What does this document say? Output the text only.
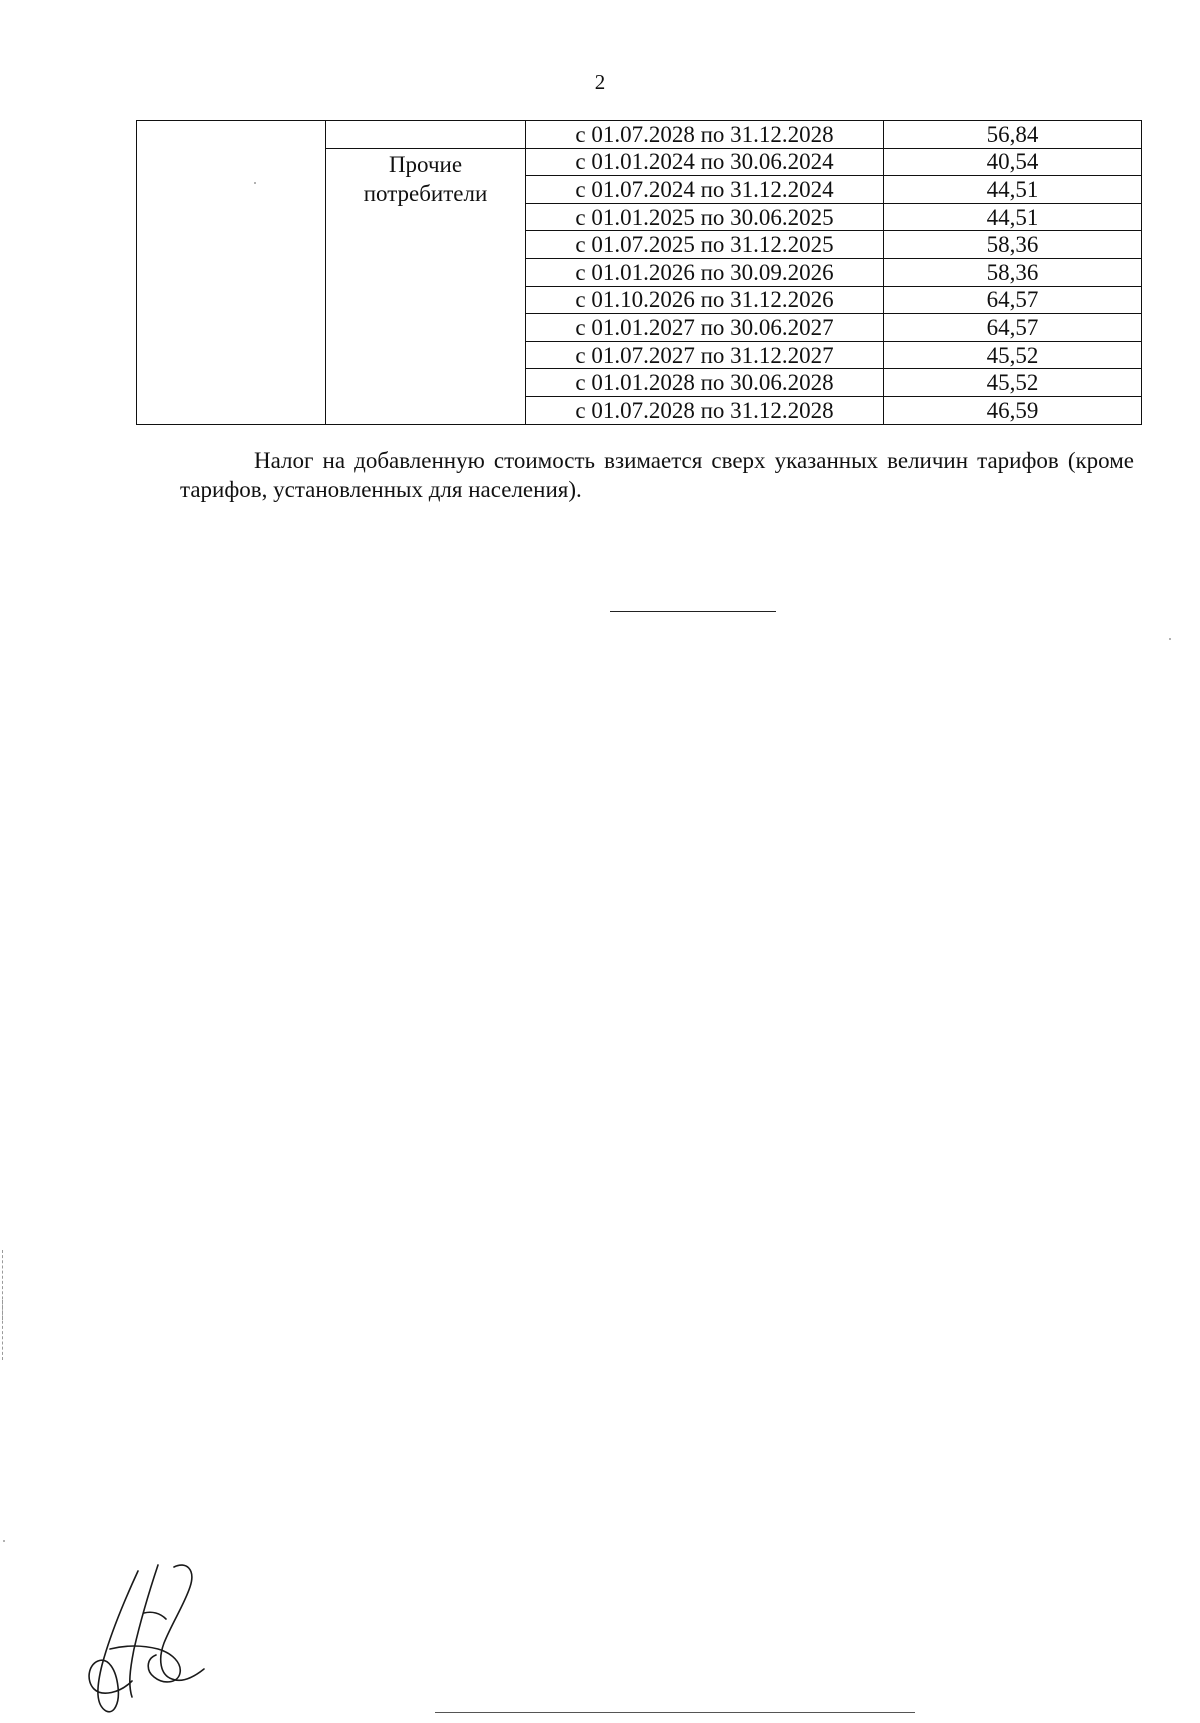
2
		с 01.07.2028 по 31.12.2028	56,84
	Прочие потребители	с 01.01.2024 по 30.06.2024	40,54
		с 01.07.2024 по 31.12.2024	44,51
		с 01.01.2025 по 30.06.2025	44,51
		с 01.07.2025 по 31.12.2025	58,36
		с 01.01.2026 по 30.09.2026	58,36
		с 01.10.2026 по 31.12.2026	64,57
		с 01.01.2027 по 30.06.2027	64,57
		с 01.07.2027 по 31.12.2027	45,52
		с 01.01.2028 по 30.06.2028	45,52
		с 01.07.2028 по 31.12.2028	46,59
Налог на добавленную стоимость взимается сверх указанных величин тарифов (кроме тарифов, установленных для населения).
